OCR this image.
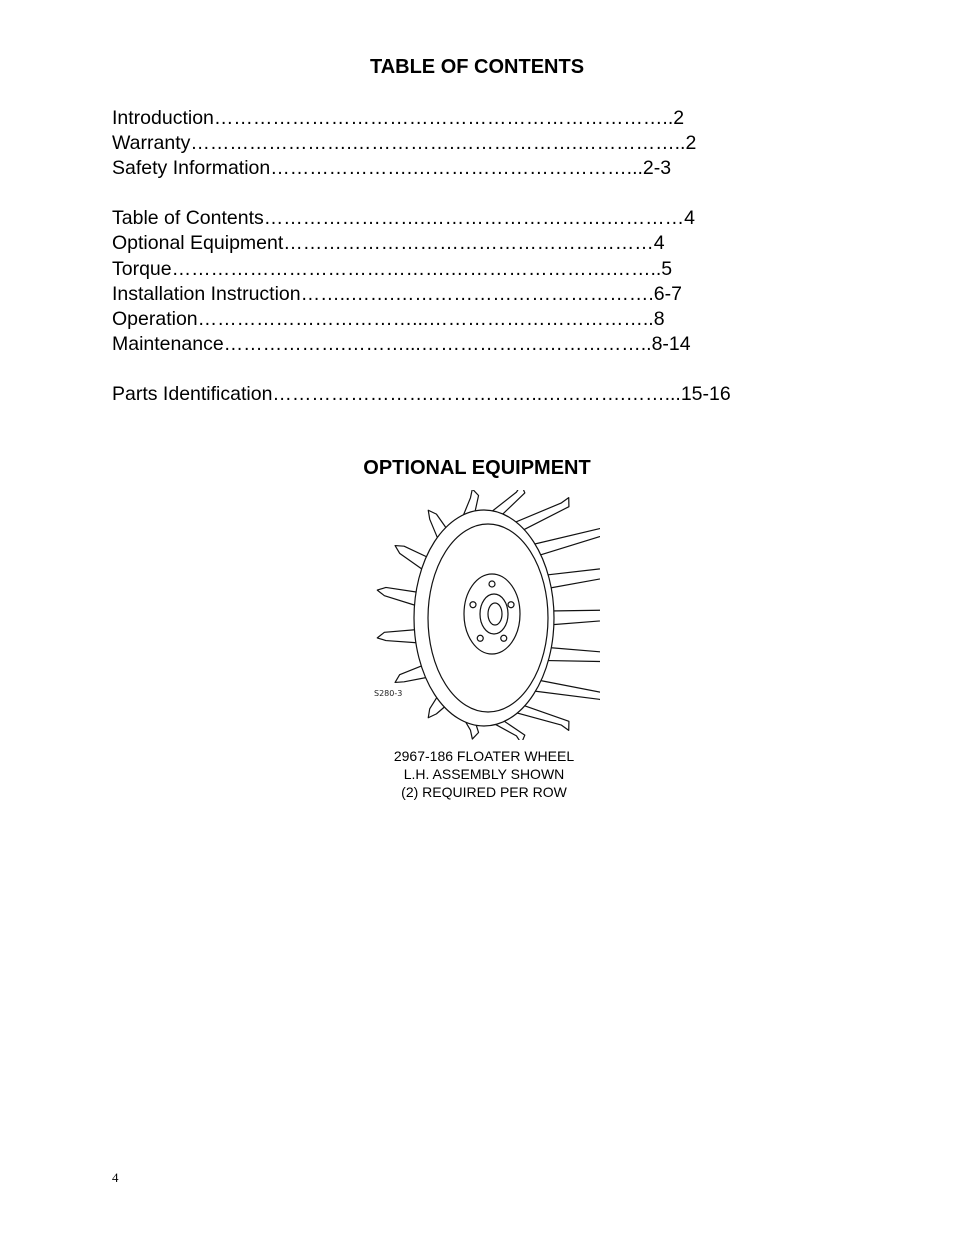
TABLE OF CONTENTS
Introduction……………………………………………………………..2
Warranty…………………….…………….……………….……………..2
Safety Information………………….……………………………...2-3
Table of Contents…………………….……………………….…………4
Optional Equipment…………………………………………………4
Torque…………………………………….…………………….……..5
Installation Instruction……..…….………………………………….6-7
Operation……………………………...……………………………..8
Maintenance……………….………...……………….……………..8-14
Parts Identification…………………….……………..………….……...15-16
OPTIONAL EQUIPMENT
S280-3
2967-186 FLOATER WHEEL
L.H. ASSEMBLY SHOWN
(2) REQUIRED PER ROW
4
